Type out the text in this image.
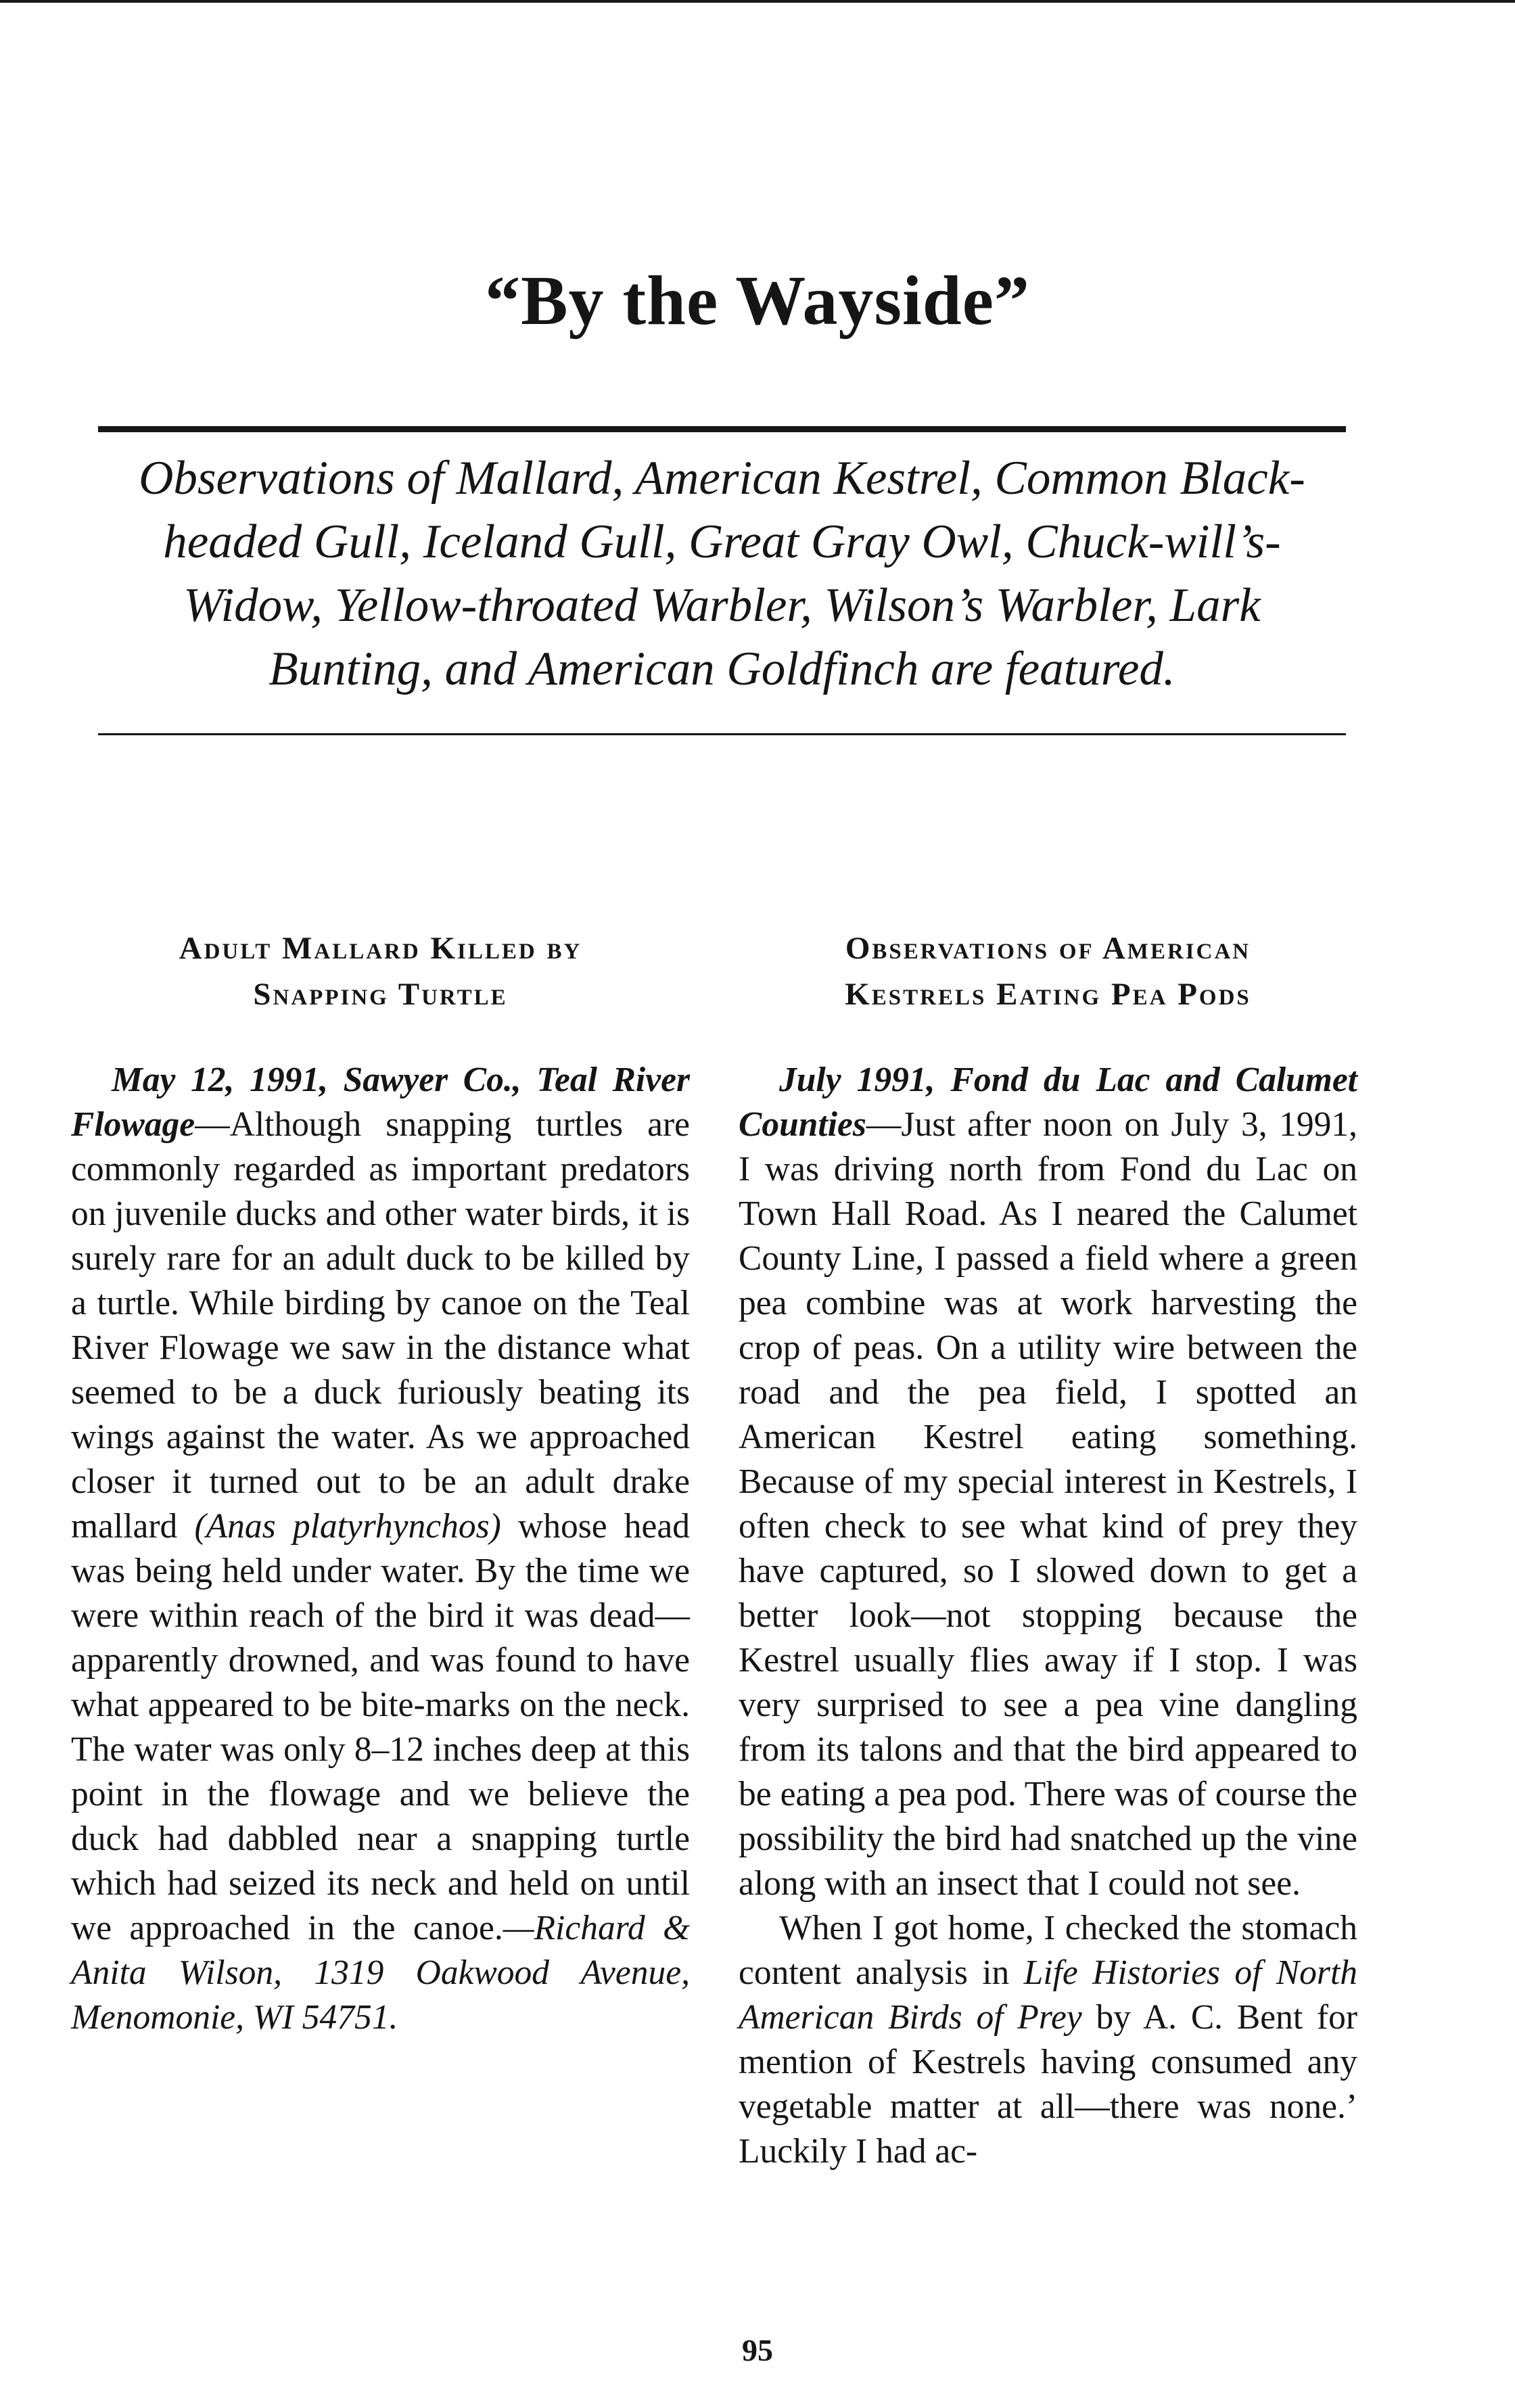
“By the Wayside”
Observations of Mallard, American Kestrel, Common Black-headed Gull, Iceland Gull, Great Gray Owl, Chuck-will’s-Widow, Yellow-throated Warbler, Wilson’s Warbler, Lark Bunting, and American Goldfinch are featured.
Adult Mallard Killed by
Snapping Turtle

May 12, 1991, Sawyer Co., Teal River Flowage—Although snapping turtles are commonly regarded as important predators on juvenile ducks and other water birds, it is surely rare for an adult duck to be killed by a turtle. While birding by canoe on the Teal River Flowage we saw in the distance what seemed to be a duck furiously beating its wings against the water. As we approached closer it turned out to be an adult drake mallard (Anas platyrhynchos) whose head was being held under water. By the time we were within reach of the bird it was dead—apparently drowned, and was found to have what appeared to be bite-marks on the neck. The water was only 8–12 inches deep at this point in the flowage and we believe the duck had dabbled near a snapping turtle which had seized its neck and held on until we approached in the canoe.—Richard & Anita Wilson, 1319 Oakwood Avenue, Menomonie, WI 54751.

Observations of American
Kestrels Eating Pea Pods

July 1991, Fond du Lac and Calumet Counties—Just after noon on July 3, 1991, I was driving north from Fond du Lac on Town Hall Road. As I neared the Calumet County Line, I passed a field where a green pea combine was at work harvesting the crop of peas. On a utility wire between the road and the pea field, I spotted an American Kestrel eating something. Because of my special interest in Kestrels, I often check to see what kind of prey they have captured, so I slowed down to get a better look—not stopping because the Kestrel usually flies away if I stop. I was very surprised to see a pea vine dangling from its talons and that the bird appeared to be eating a pea pod. There was of course the possibility the bird had snatched up the vine along with an insect that I could not see.

When I got home, I checked the stomach content analysis in Life Histories of North American Birds of Prey by A. C. Bent for mention of Kestrels having consumed any vegetable matter at all—there was none.’ Luckily I had ac-

95
